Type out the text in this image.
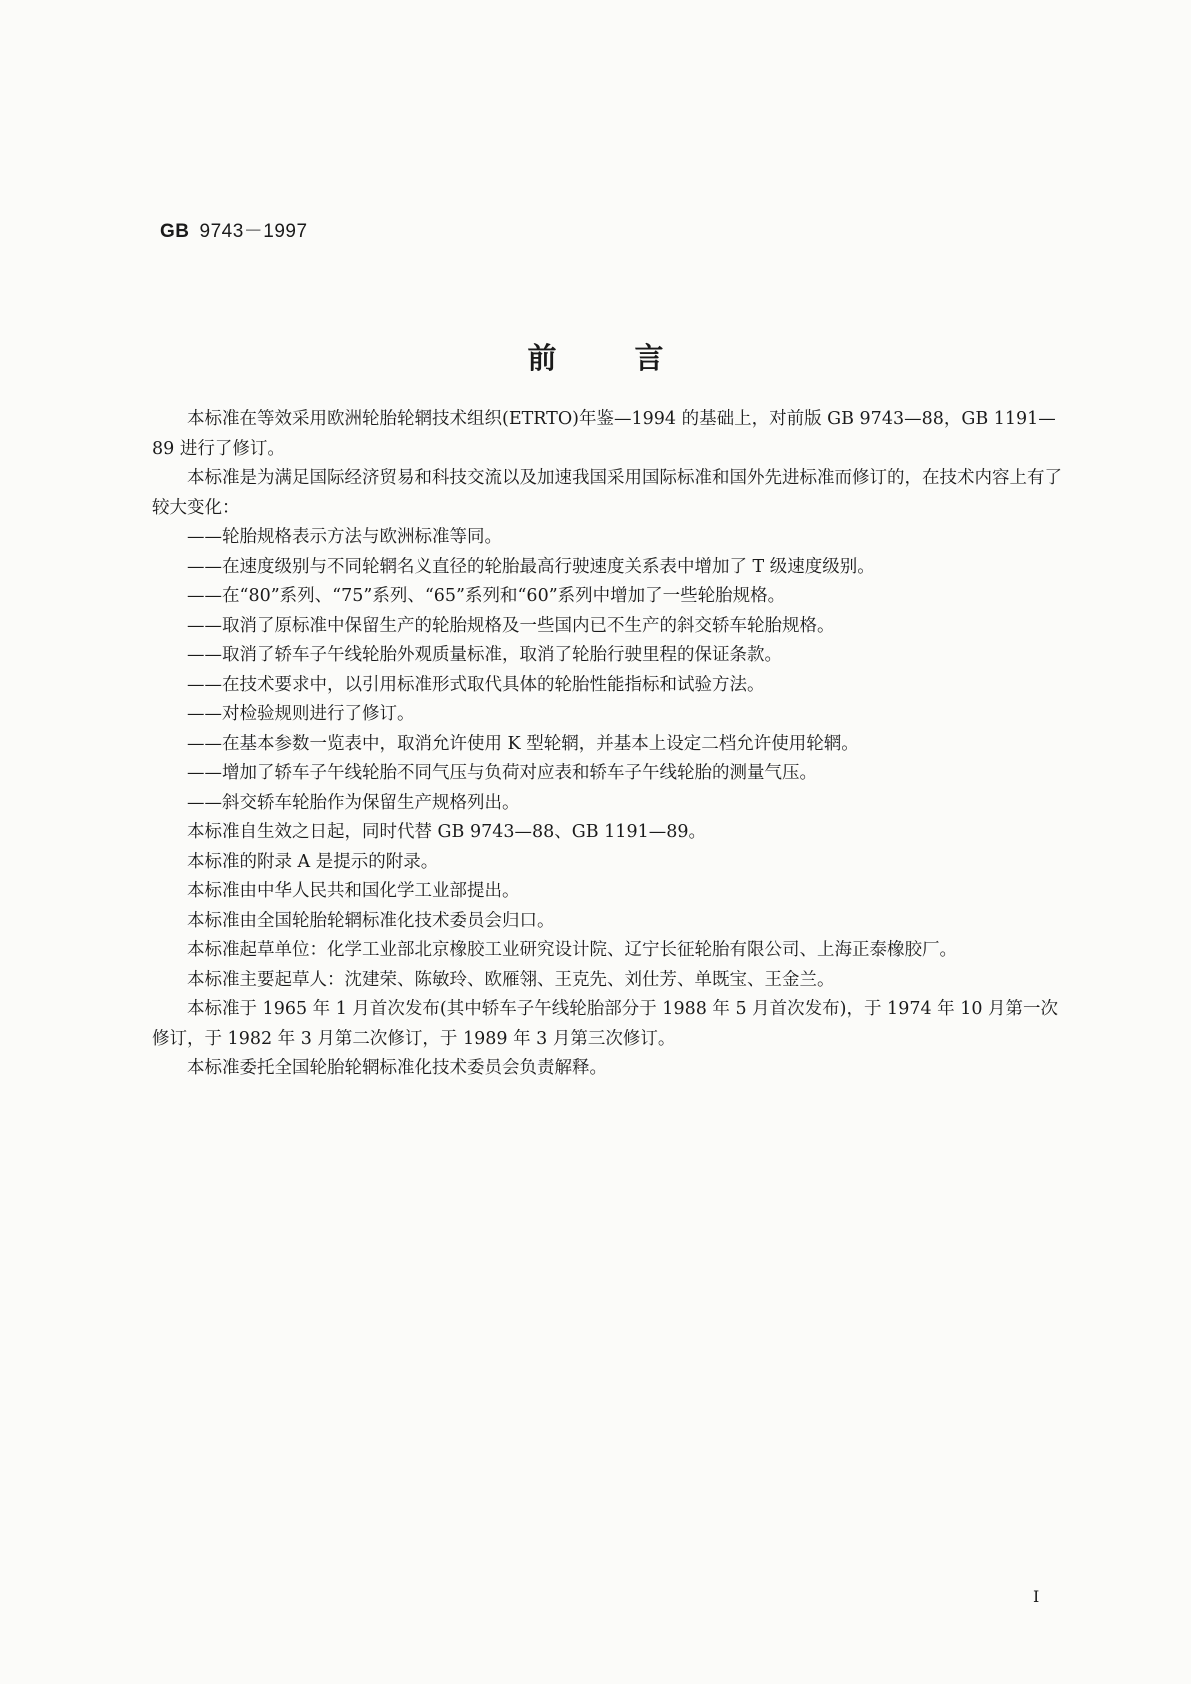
GB 9743－1997
前言

本标准在等效采用欧洲轮胎轮辋技术组织(ETRTO)年鉴—1994 的基础上，对前版 GB 9743—88，GB 1191—89 进行了修订。

本标准是为满足国际经济贸易和科技交流以及加速我国采用国际标准和国外先进标准而修订的，在技术内容上有了较大变化：

——轮胎规格表示方法与欧洲标准等同。

——在速度级别与不同轮辋名义直径的轮胎最高行驶速度关系表中增加了 T 级速度级别。

——在“80”系列、“75”系列、“65”系列和“60”系列中增加了一些轮胎规格。

——取消了原标准中保留生产的轮胎规格及一些国内已不生产的斜交轿车轮胎规格。

——取消了轿车子午线轮胎外观质量标准，取消了轮胎行驶里程的保证条款。

——在技术要求中，以引用标准形式取代具体的轮胎性能指标和试验方法。

——对检验规则进行了修订。

——在基本参数一览表中，取消允许使用 K 型轮辋，并基本上设定二档允许使用轮辋。

——增加了轿车子午线轮胎不同气压与负荷对应表和轿车子午线轮胎的测量气压。

——斜交轿车轮胎作为保留生产规格列出。

本标准自生效之日起，同时代替 GB 9743—88、GB 1191—89。

本标准的附录 A 是提示的附录。

本标准由中华人民共和国化学工业部提出。

本标准由全国轮胎轮辋标准化技术委员会归口。

本标准起草单位：化学工业部北京橡胶工业研究设计院、辽宁长征轮胎有限公司、上海正泰橡胶厂。

本标准主要起草人：沈建荣、陈敏玲、欧雁翎、王克先、刘仕芳、单既宝、王金兰。

本标准于 1965 年 1 月首次发布(其中轿车子午线轮胎部分于 1988 年 5 月首次发布)，于 1974 年 10 月第一次修订，于 1982 年 3 月第二次修订，于 1989 年 3 月第三次修订。

本标准委托全国轮胎轮辋标准化技术委员会负责解释。

I
